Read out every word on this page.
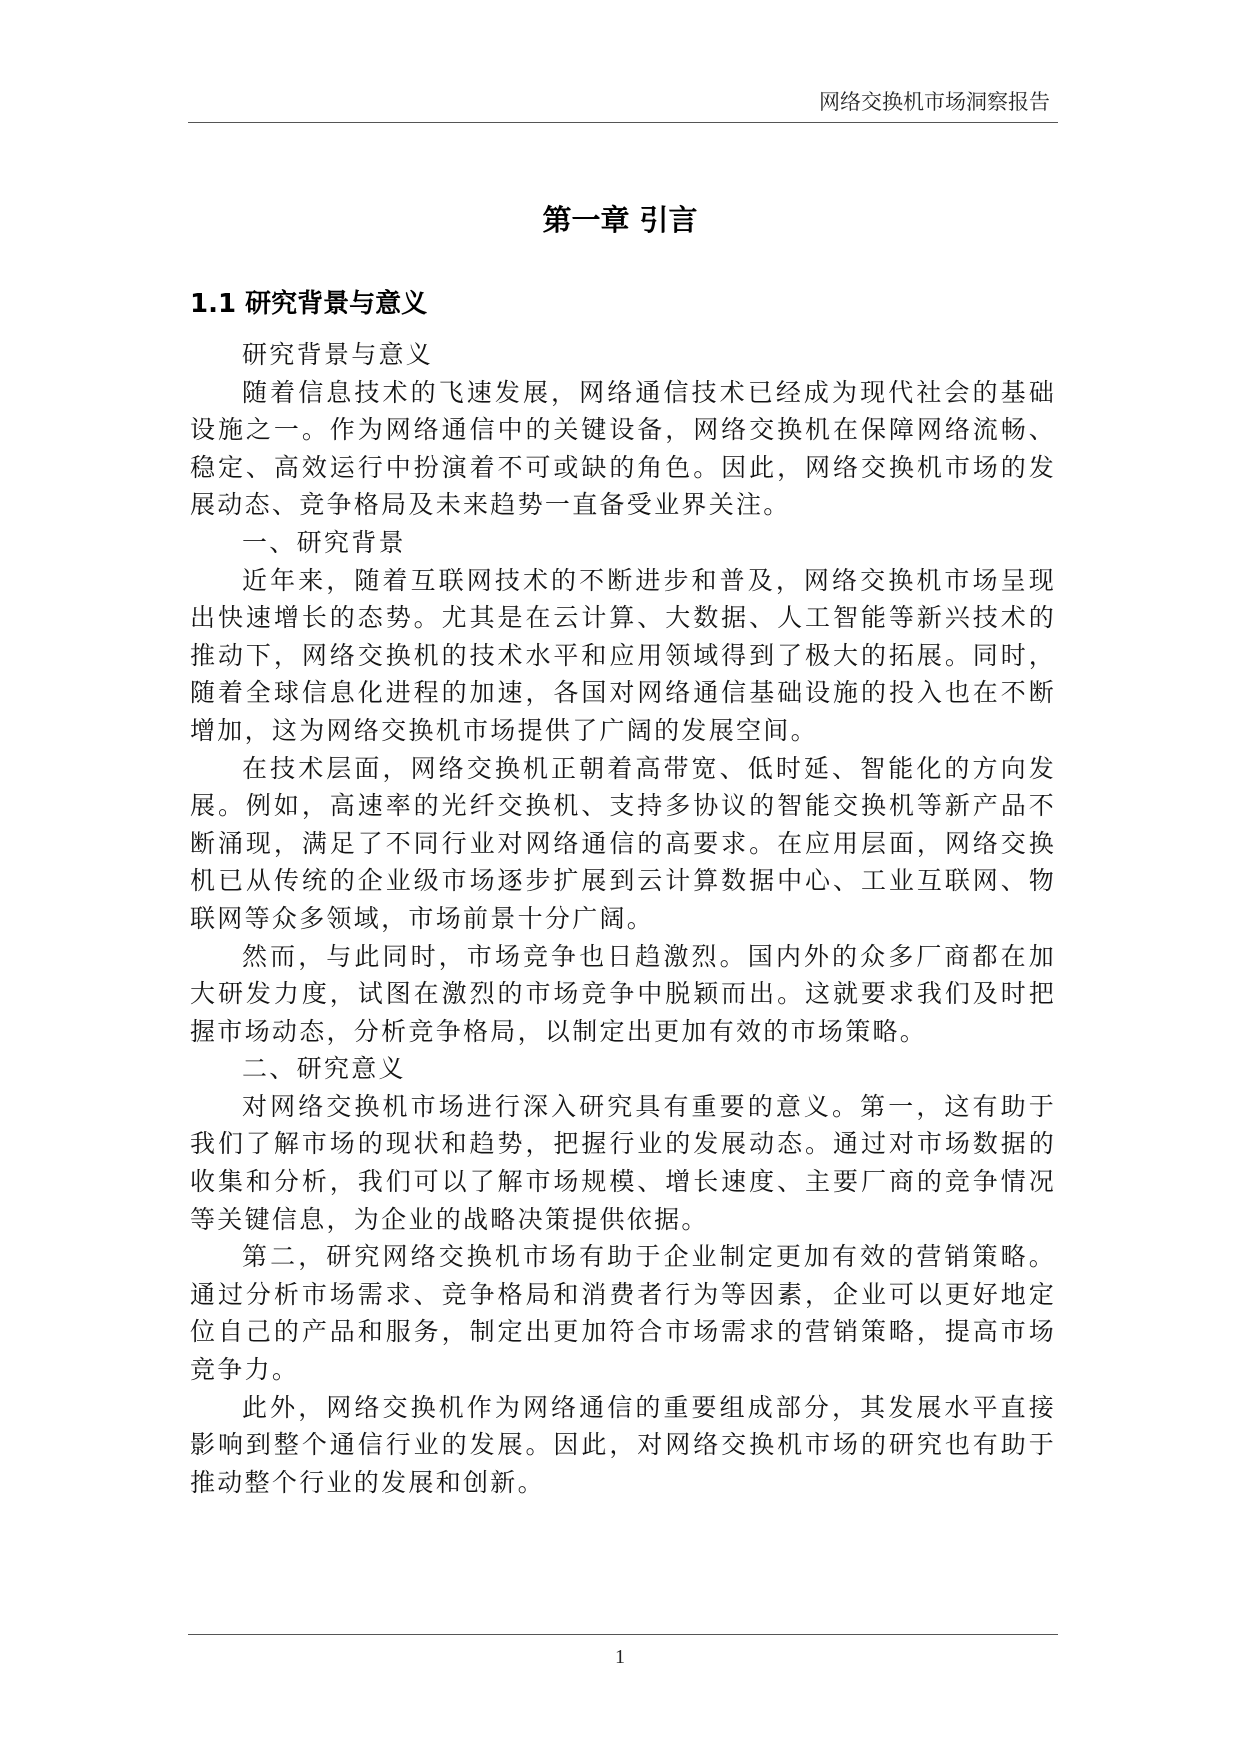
网络交换机市场洞察报告
第一章 引言
1.1 研究背景与意义

研究背景与意义

随着信息技术的飞速发展，网络通信技术已经成为现代社会的基础设施之一。作为网络通信中的关键设备，网络交换机在保障网络流畅、稳定、高效运行中扮演着不可或缺的角色。因此，网络交换机市场的发展动态、竞争格局及未来趋势一直备受业界关注。

一、研究背景

近年来，随着互联网技术的不断进步和普及，网络交换机市场呈现出快速增长的态势。尤其是在云计算、大数据、人工智能等新兴技术的推动下，网络交换机的技术水平和应用领域得到了极大的拓展。同时，随着全球信息化进程的加速，各国对网络通信基础设施的投入也在不断增加，这为网络交换机市场提供了广阔的发展空间。

在技术层面，网络交换机正朝着高带宽、低时延、智能化的方向发展。例如，高速率的光纤交换机、支持多协议的智能交换机等新产品不断涌现，满足了不同行业对网络通信的高要求。在应用层面，网络交换机已从传统的企业级市场逐步扩展到云计算数据中心、工业互联网、物联网等众多领域，市场前景十分广阔。

然而，与此同时，市场竞争也日趋激烈。国内外的众多厂商都在加大研发力度，试图在激烈的市场竞争中脱颖而出。这就要求我们及时把握市场动态，分析竞争格局，以制定出更加有效的市场策略。

二、研究意义

对网络交换机市场进行深入研究具有重要的意义。第一，这有助于我们了解市场的现状和趋势，把握行业的发展动态。通过对市场数据的收集和分析，我们可以了解市场规模、增长速度、主要厂商的竞争情况等关键信息，为企业的战略决策提供依据。

第二，研究网络交换机市场有助于企业制定更加有效的营销策略。通过分析市场需求、竞争格局和消费者行为等因素，企业可以更好地定位自己的产品和服务，制定出更加符合市场需求的营销策略，提高市场竞争力。

此外，网络交换机作为网络通信的重要组成部分，其发展水平直接影响到整个通信行业的发展。因此，对网络交换机市场的研究也有助于推动整个行业的发展和创新。

1
